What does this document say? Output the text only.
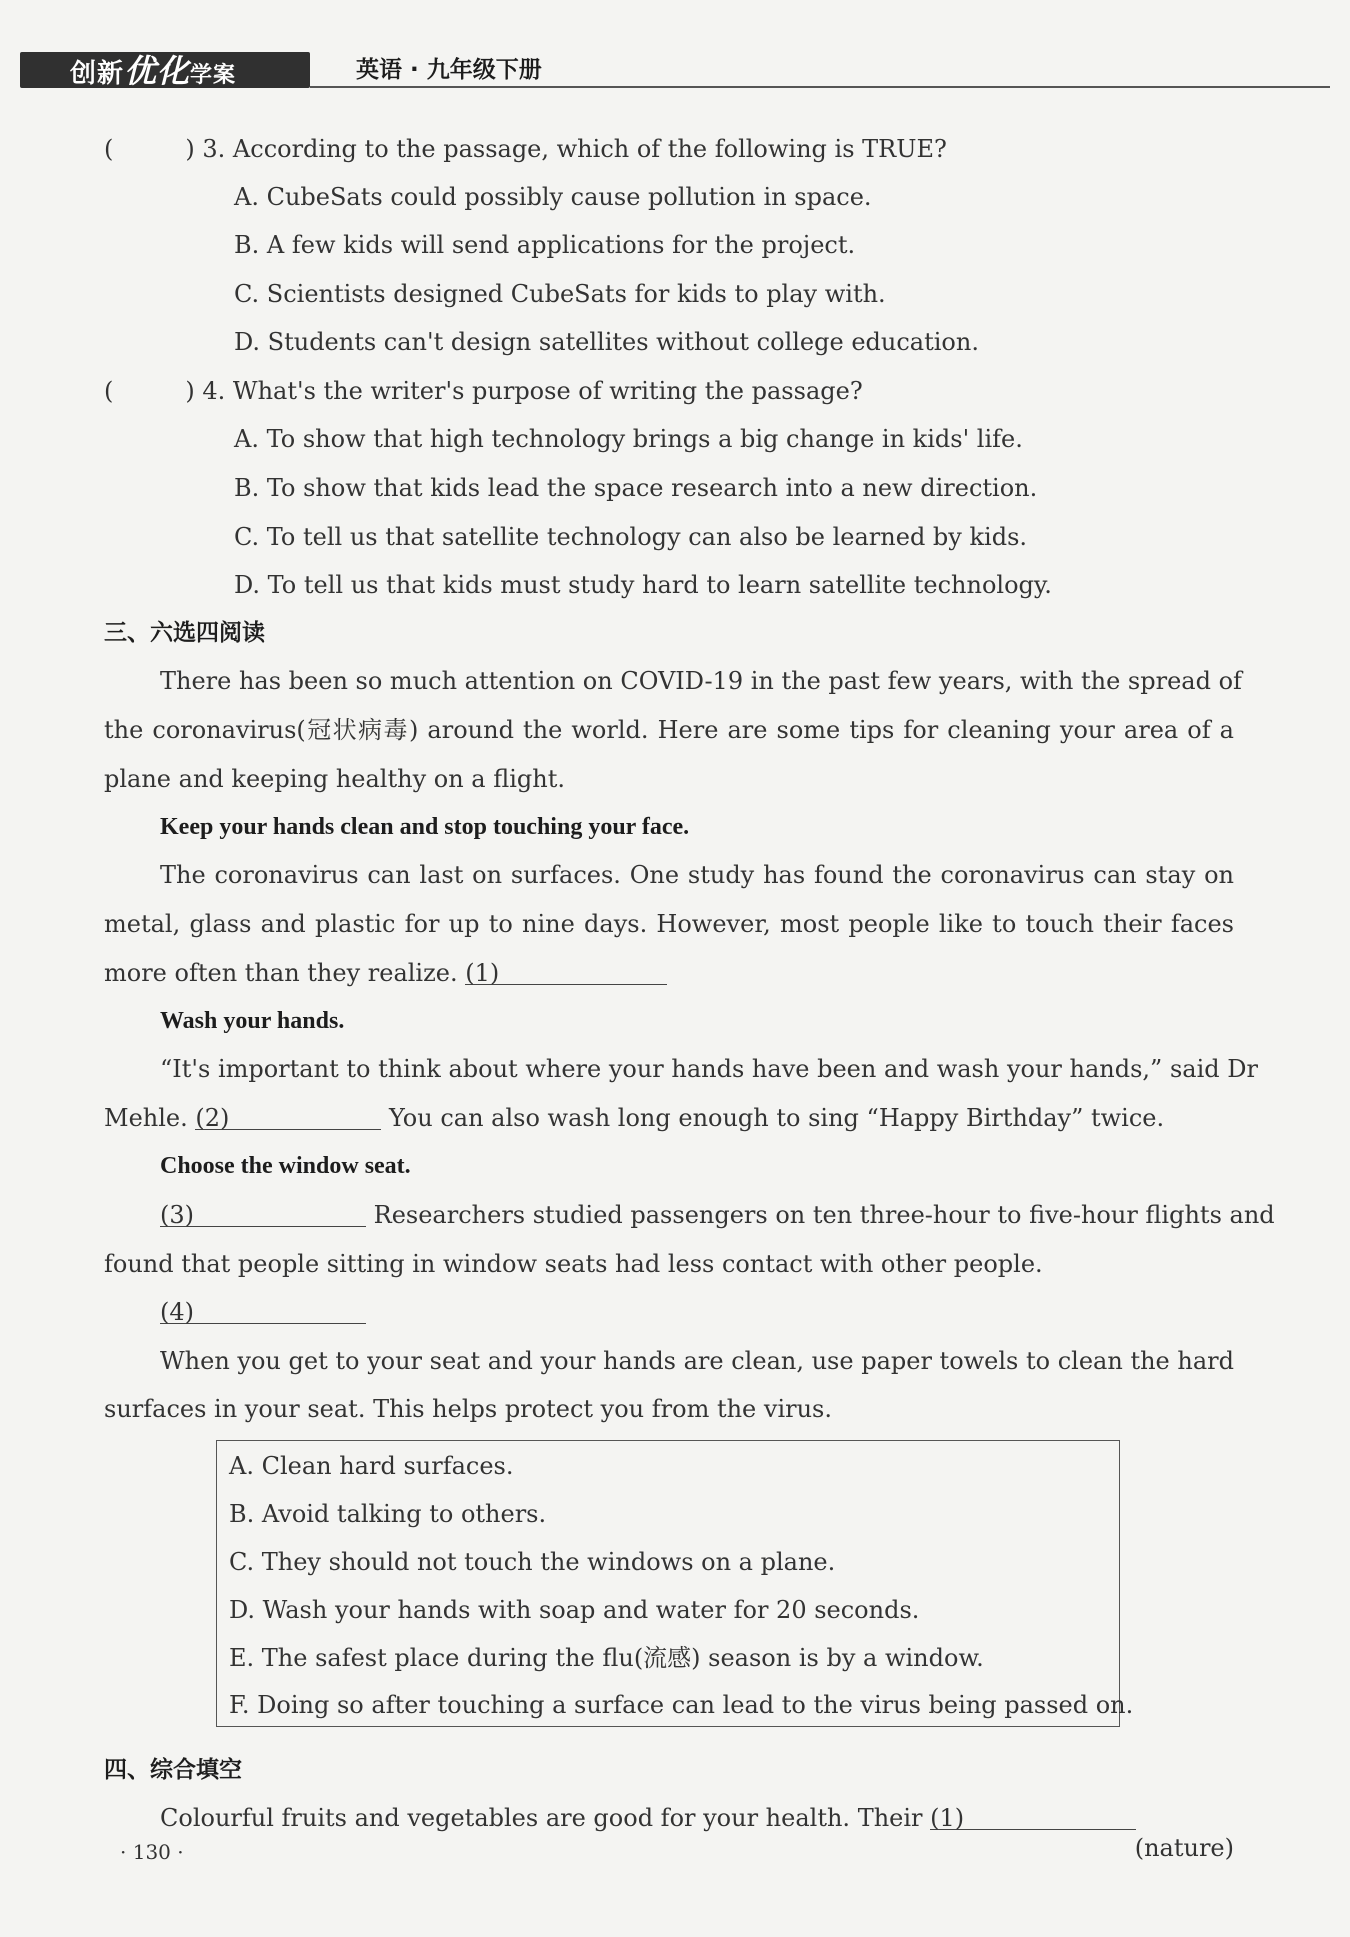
创新优化学案	英语 · 九年级下册
(	) 3. According to the passage, which of the following is TRUE?
A. CubeSats could possibly cause pollution in space.
B. A few kids will send applications for the project.
C. Scientists designed CubeSats for kids to play with.
D. Students can't design satellites without college education.
(	) 4. What's the writer's purpose of writing the passage?
A. To show that high technology brings a big change in kids' life.
B. To show that kids lead the space research into a new direction.
C. To tell us that satellite technology can also be learned by kids.
D. To tell us that kids must study hard to learn satellite technology.
三、六选四阅读
There has been so much attention on COVID-19 in the past few years, with the spread of
the coronavirus(冠状病毒) around the world. Here are some tips for cleaning your area of a
plane and keeping healthy on a flight.
Keep your hands clean and stop touching your face.
The coronavirus can last on surfaces. One study has found the coronavirus can stay on
metal, glass and plastic for up to nine days. However, most people like to touch their faces
more often than they realize. (1)
Wash your hands.
“It's important to think about where your hands have been and wash your hands,” said Dr
Mehle. (2)	You can also wash long enough to sing “Happy Birthday” twice.
Choose the window seat.
(3)	Researchers studied passengers on ten three-hour to five-hour flights and
found that people sitting in window seats had less contact with other people.
(4)
When you get to your seat and your hands are clean, use paper towels to clean the hard
surfaces in your seat. This helps protect you from the virus.
A. Clean hard surfaces.
B. Avoid talking to others.
C. They should not touch the windows on a plane.
D. Wash your hands with soap and water for 20 seconds.
E. The safest place during the flu(流感) season is by a window.
F. Doing so after touching a surface can lead to the virus being passed on.
四、综合填空
Colourful fruits and vegetables are good for your health. Their (1)
(nature)
· 130 ·
